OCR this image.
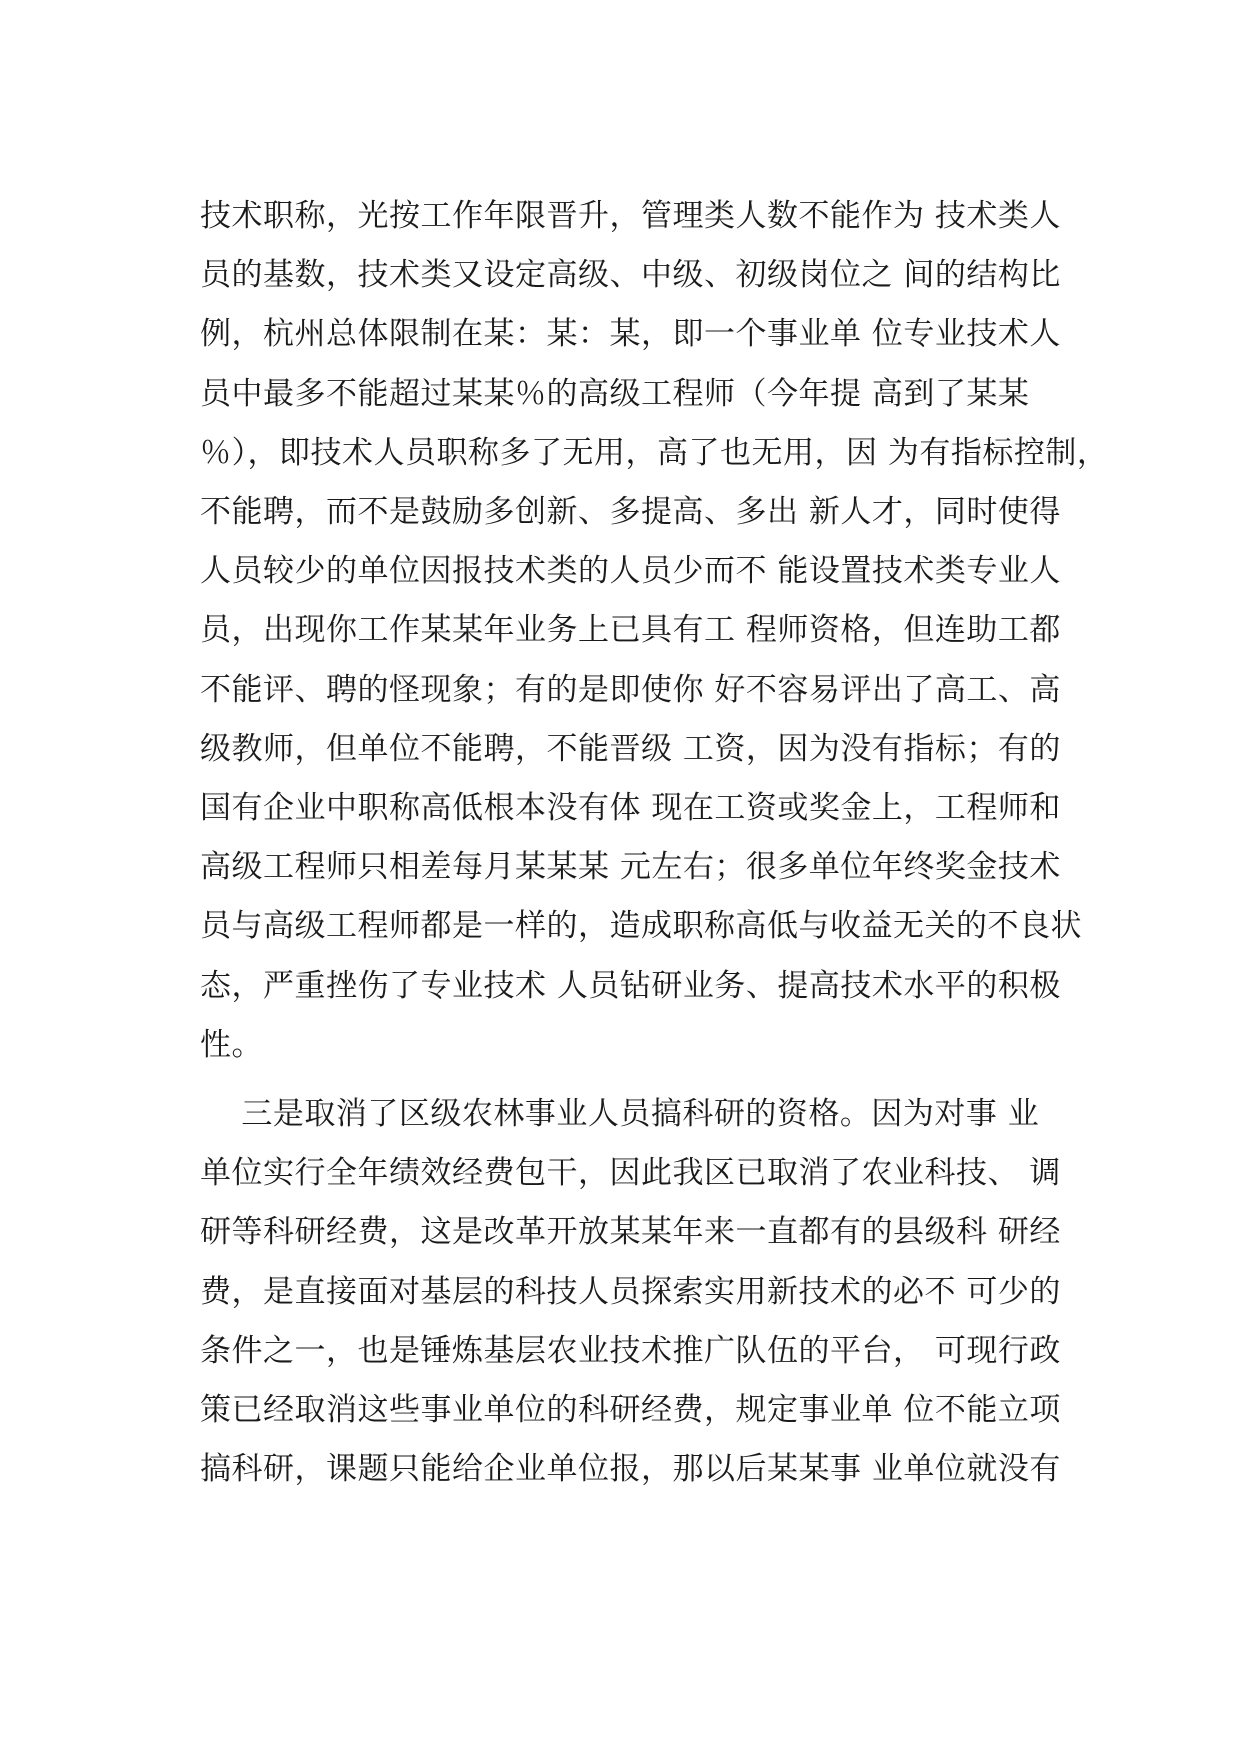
技术职称，光按工作年限晋升，管理类人数不能作为 技术类人
员的基数，技术类又设定高级、中级、初级岗位之 间的结构比
例，杭州总体限制在某：某：某，即一个事业单 位专业技术人
员中最多不能超过某某％的高级工程师（今年提 高到了某某
％），即技术人员职称多了无用，高了也无用，因 为有指标控制，
不能聘，而不是鼓励多创新、多提高、多出 新人才，同时使得
人员较少的单位因报技术类的人员少而不 能设置技术类专业人
员，出现你工作某某年业务上已具有工 程师资格，但连助工都
不能评、聘的怪现象；有的是即使你 好不容易评出了高工、高
级教师，但单位不能聘，不能晋级 工资，因为没有指标；有的
国有企业中职称高低根本没有体 现在工资或奖金上，工程师和
高级工程师只相差每月某某某 元左右；很多单位年终奖金技术
员与高级工程师都是一样的，造成职称高低与收益无关的不良状
态，严重挫伤了专业技术 人员钻研业务、提高技术水平的积极
性。
三是取消了区级农林事业人员搞科研的资格。因为对事 业
单位实行全年绩效经费包干，因此我区已取消了农业科技、 调
研等科研经费，这是改革开放某某年来一直都有的县级科 研经
费，是直接面对基层的科技人员探索实用新技术的必不 可少的
条件之一，也是锤炼基层农业技术推广队伍的平台， 可现行政
策已经取消这些事业单位的科研经费，规定事业单 位不能立项
搞科研，课题只能给企业单位报，那以后某某事 业单位就没有
